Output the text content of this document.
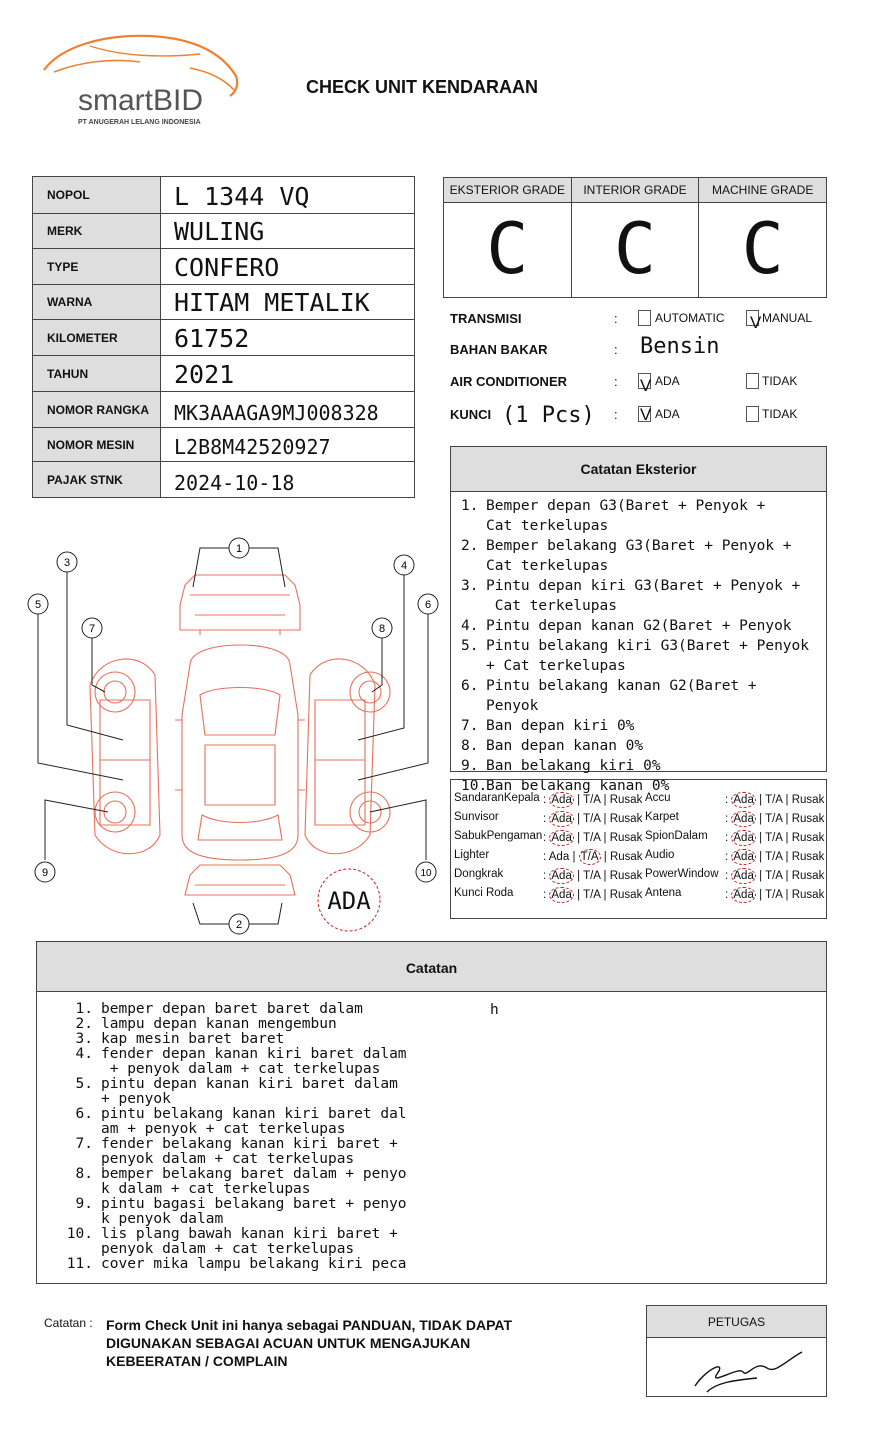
smartBID
PT ANUGERAH LELANG INDONESIA
CHECK UNIT KENDARAAN
NOPOL	L 1344 VQ
MERK	WULING
TYPE	CONFERO
WARNA	HITAM METALIK
KILOMETER	61752
TAHUN	2021
NOMOR RANGKA	MK3AAAGA9MJ008328
NOMOR MESIN	L2B8M42520927
PAJAK STNK	2024-10-18
EKSTERIOR GRADE
C
INTERIOR GRADE
C
MACHINE GRADE
C
TRANSMISI	:	AUTOMATIC V MANUAL
BAHAN BAKAR	: Bensin
AIR CONDITIONER	: V ADA	TIDAK
KUNCI (1 Pcs) : V ADA	TIDAK
Catatan Eksterior
1. Bemper depan G3(Baret + Penyok + Cat terkelupas
2. Bemper belakang G3(Baret + Penyok + Cat terkelupas
3. Pintu depan kiri G3(Baret + Penyok +  Cat terkelupas
4. Pintu depan kanan G2(Baret + Penyok
5. Pintu belakang kiri G3(Baret + Penyok + Cat terkelupas
6. Pintu belakang kanan G2(Baret + Penyok
7. Ban depan kiri 0%
8. Ban depan kanan 0%
9. Ban belakang kiri 0%
10.
Ban belakang kanan 0%
SandaranKepala : Ada | T/A | Rusak
Sunvisor	: Ada | T/A | Rusak
SabukPengaman : Ada | T/A | Rusak
Lighter	: Ada | T/A | Rusak
Dongkrak	: Ada | T/A | Rusak
Kunci Roda	: Ada | T/A | Rusak
Accu	: Ada | T/A | Rusak
Karpet	: Ada | T/A | Rusak
SpionDalam : Ada | T/A | Rusak
Audio	: Ada | T/A | Rusak
PowerWindow : Ada | T/A | Rusak
Antena	: Ada | T/A | Rusak
1
2
3	4
5	6
7	8
9	10
ADA
Catatan
1. bemper depan baret baret dalam
2. lampu depan kanan mengembun
3. kap mesin baret baret
4. fender depan kanan kiri baret dalam
+ penyok dalam + cat terkelupas
5. pintu depan kanan kiri baret dalam
+ penyok
6. pintu belakang kanan kiri baret dal
am + penyok + cat terkelupas
7. fender belakang kanan kiri baret +
penyok dalam + cat terkelupas
8. bemper belakang baret dalam + penyo
k dalam + cat terkelupas
9. pintu bagasi belakang baret + penyo
k penyok dalam
10. lis plang bawah kanan kiri baret +
penyok dalam + cat terkelupas
11. cover mika lampu belakang kiri peca
h
Catatan : Form Check Unit ini hanya sebagai PANDUAN, TIDAK DAPAT DIGUNAKAN SEBAGAI ACUAN UNTUK MENGAJUKAN KEBEERATAN / COMPLAIN
PETUGAS
